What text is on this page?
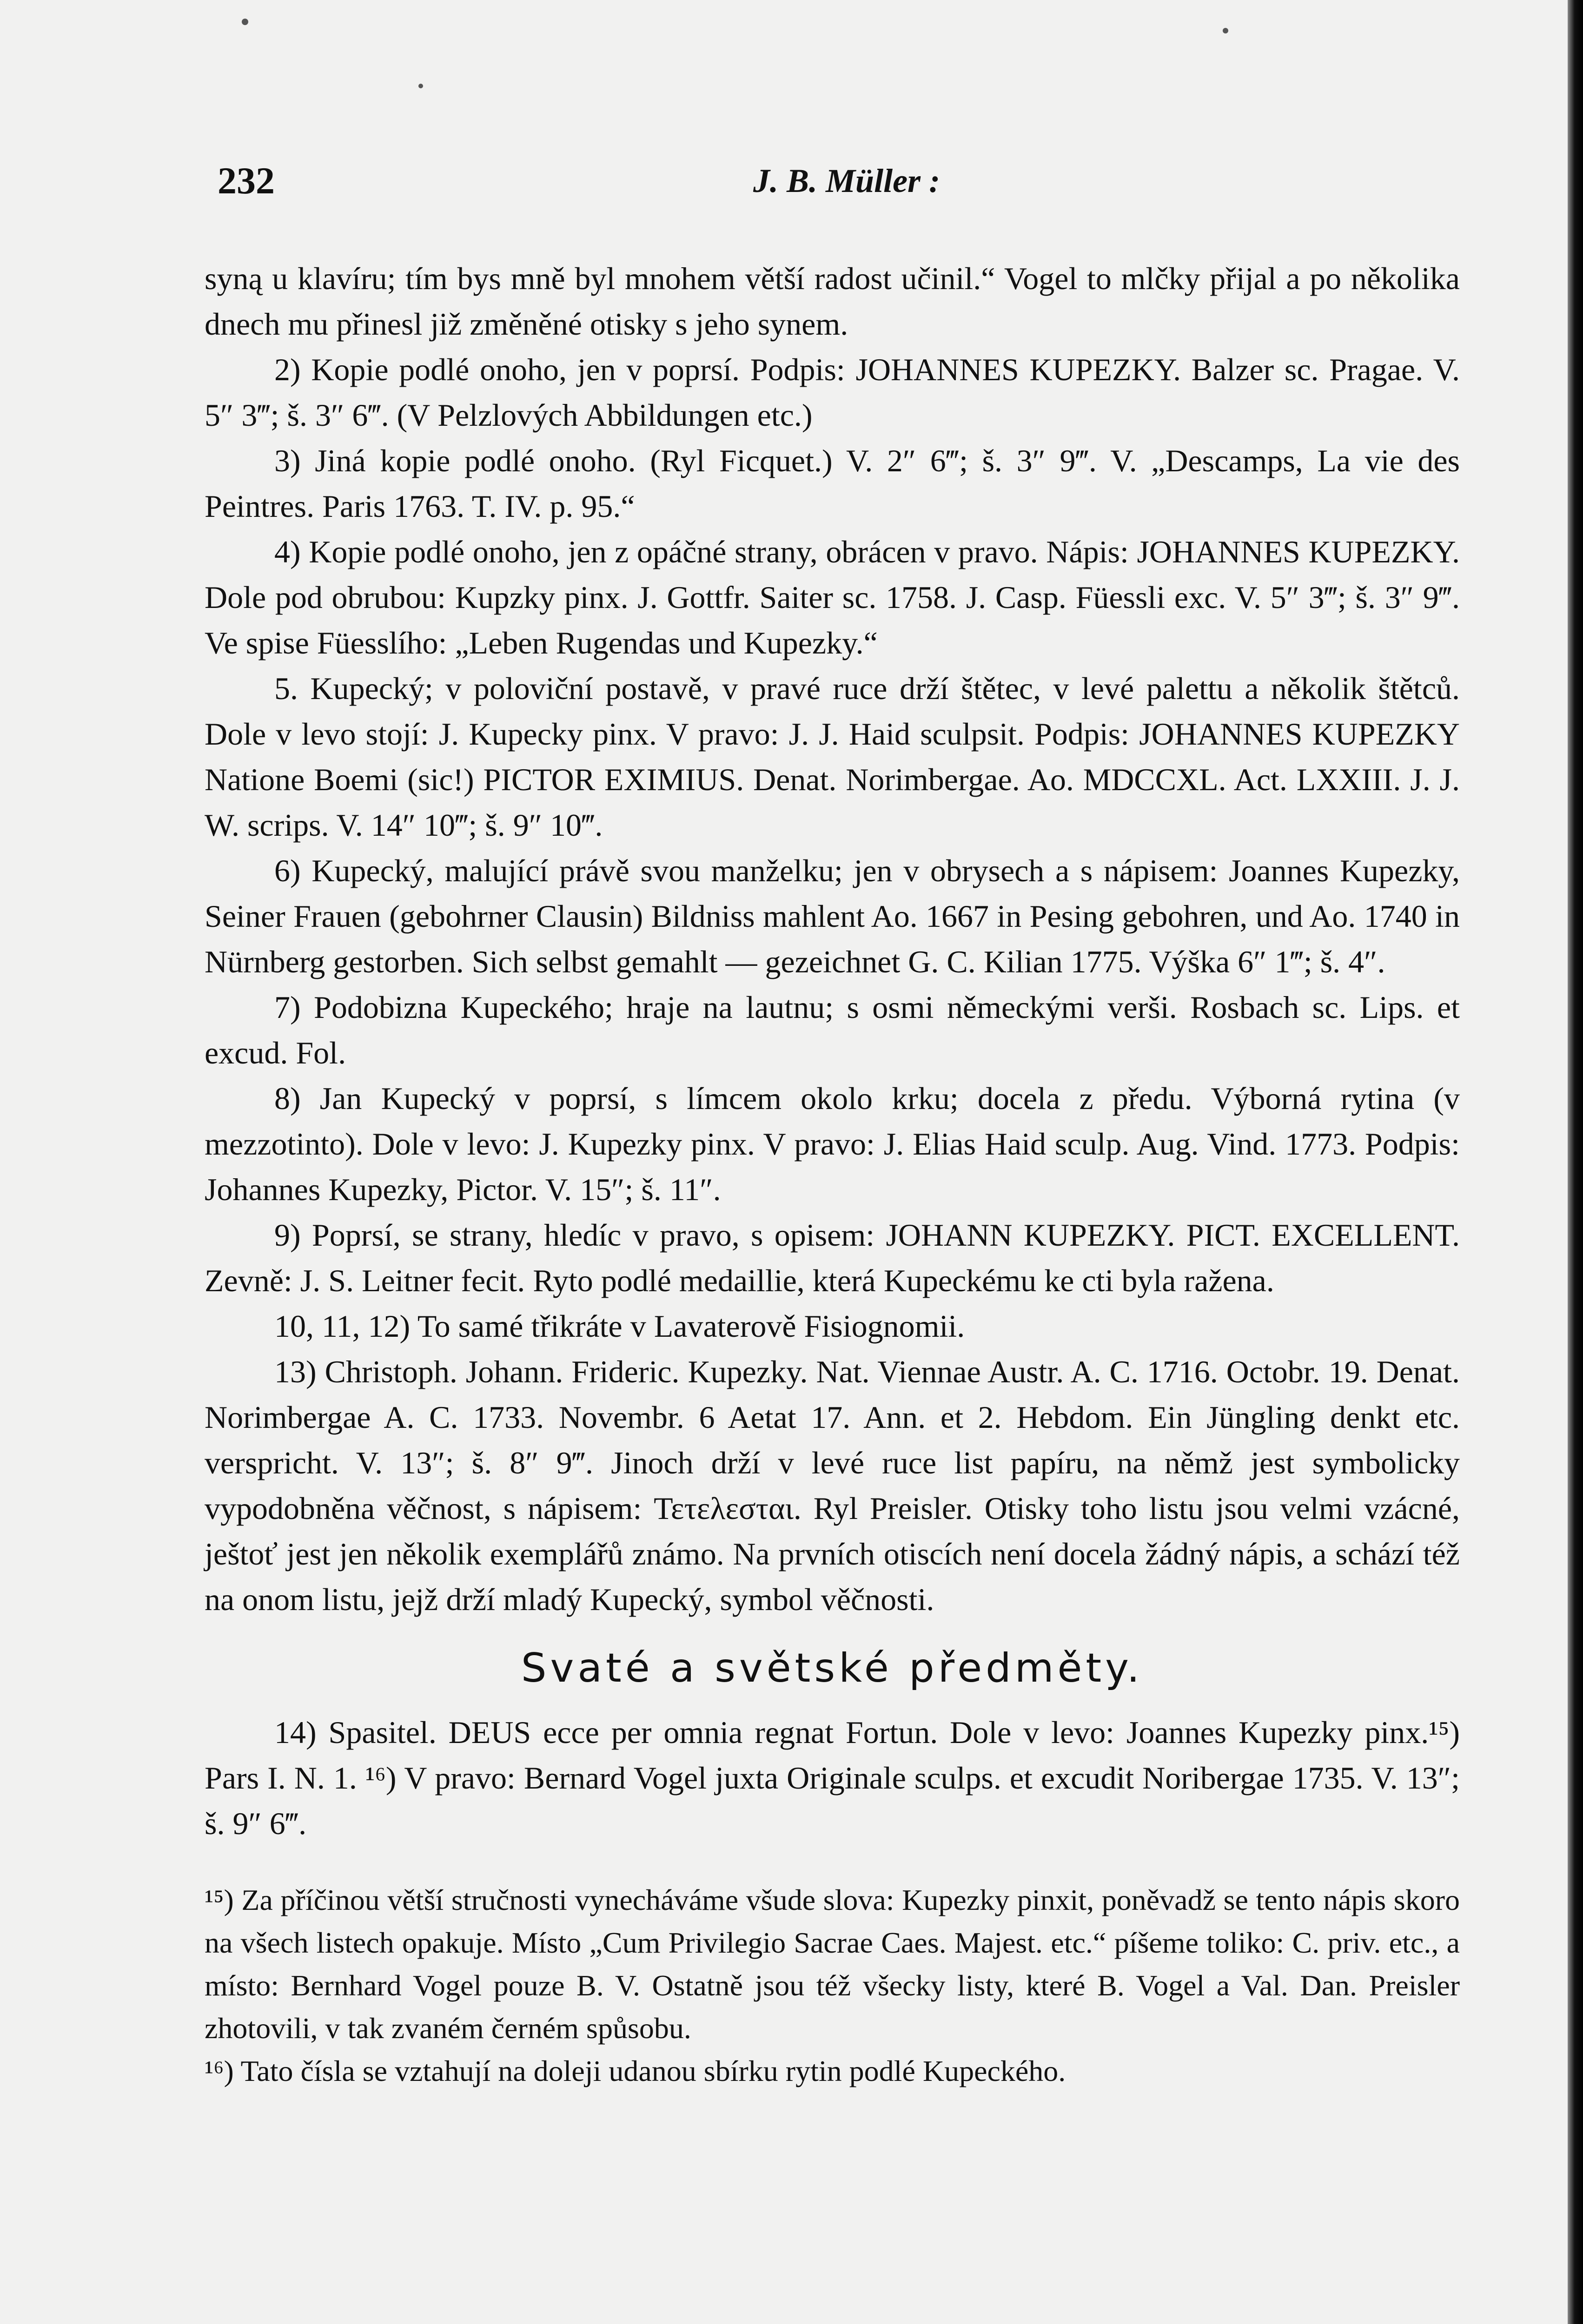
232	J. B. Müller :

syną u klavíru; tím bys mně byl mnohem větší radost učinil.“ Vogel to mlčky přijal a po několika dnech mu přinesl již změněné otisky s jeho synem.

2) Kopie podlé onoho, jen v poprsí. Podpis: JOHANNES KUPEZKY. Balzer sc. Pragae. V. 5″ 3‴; š. 3″ 6‴. (V Pelzlových Abbildungen etc.)

3) Jiná kopie podlé onoho. (Ryl Ficquet.) V. 2″ 6‴; š. 3″ 9‴. V. „Descamps, La vie des Peintres. Paris 1763. T. IV. p. 95.“

4) Kopie podlé onoho, jen z opáčné strany, obrácen v pravo. Nápis: JOHANNES KUPEZKY. Dole pod obrubou: Kupzky pinx. J. Gottfr. Saiter sc. 1758. J. Casp. Füessli exc. V. 5″ 3‴; š. 3″ 9‴. Ve spise Füesslího: „Leben Rugendas und Kupezky.“

5. Kupecký; v poloviční postavě, v pravé ruce drží štětec, v levé palettu a několik štětců. Dole v levo stojí: J. Kupecky pinx. V pravo: J. J. Haid sculpsit. Podpis: JOHANNES KUPEZKY Natione Boemi (sic!) PICTOR EXIMIUS. Denat. Norimbergae. Ao. MDCCXL. Act. LXXIII. J. J. W. scrips. V. 14″ 10‴; š. 9″ 10‴.

6) Kupecký, malující právě svou manželku; jen v obrysech a s nápisem: Joannes Kupezky, Seiner Frauen (gebohrner Clausin) Bildniss mahlent Ao. 1667 in Pesing gebohren, und Ao. 1740 in Nürnberg gestorben. Sich selbst gemahlt — gezeichnet G. C. Kilian 1775. Výška 6″ 1‴; š. 4″.

7) Podobizna Kupeckého; hraje na lautnu; s osmi německými verši. Rosbach sc. Lips. et excud. Fol.

8) Jan Kupecký v poprsí, s límcem okolo krku; docela z předu. Výborná rytina (v mezzotinto). Dole v levo: J. Kupezky pinx. V pravo: J. Elias Haid sculp. Aug. Vind. 1773. Podpis: Johannes Kupezky, Pictor. V. 15″; š. 11″.

9) Poprsí, se strany, hledíc v pravo, s opisem: JOHANN KUPEZKY. PICT. EXCELLENT. Zevně: J. S. Leitner fecit. Ryto podlé medaillie, která Kupeckému ke cti byla ražena.

10, 11, 12) To samé třikráte v Lavaterově Fisiognomii.

13) Christoph. Johann. Frideric. Kupezky. Nat. Viennae Austr. A. C. 1716. Octobr. 19. Denat. Norimbergae A. C. 1733. Novembr. 6 Aetat 17. Ann. et 2. Hebdom. Ein Jüngling denkt etc. verspricht. V. 13″; š. 8″ 9‴. Jinoch drží v levé ruce list papíru, na němž jest symbolicky vypodobněna věčnost, s nápisem: Τετελεσται. Ryl Preisler. Otisky toho listu jsou velmi vzácné, ještoť jest jen několik exemplářů známo. Na prvních otiscích není docela žádný nápis, a schází též na onom listu, jejž drží mladý Kupecký, symbol věčnosti.

Svaté a světské předměty.

14) Spasitel. DEUS ecce per omnia regnat Fortun. Dole v levo: Joannes Kupezky pinx.¹⁵) Pars I. N. 1. ¹⁶) V pravo: Bernard Vogel juxta Originale sculps. et excudit Noribergae 1735. V. 13″; š. 9″ 6‴.

¹⁵) Za příčinou větší stručnosti vynecháváme všude slova: Kupezky pinxit, poněvadž se tento nápis skoro na všech listech opakuje. Místo „Cum Privilegio Sacrae Caes. Majest. etc.“ píšeme toliko: C. priv. etc., a místo: Bernhard Vogel pouze B. V. Ostatně jsou též všecky listy, které B. Vogel a Val. Dan. Preisler zhotovili, v tak zvaném černém spůsobu.

¹⁶) Tato čísla se vztahují na doleji udanou sbírku rytin podlé Kupeckého.
